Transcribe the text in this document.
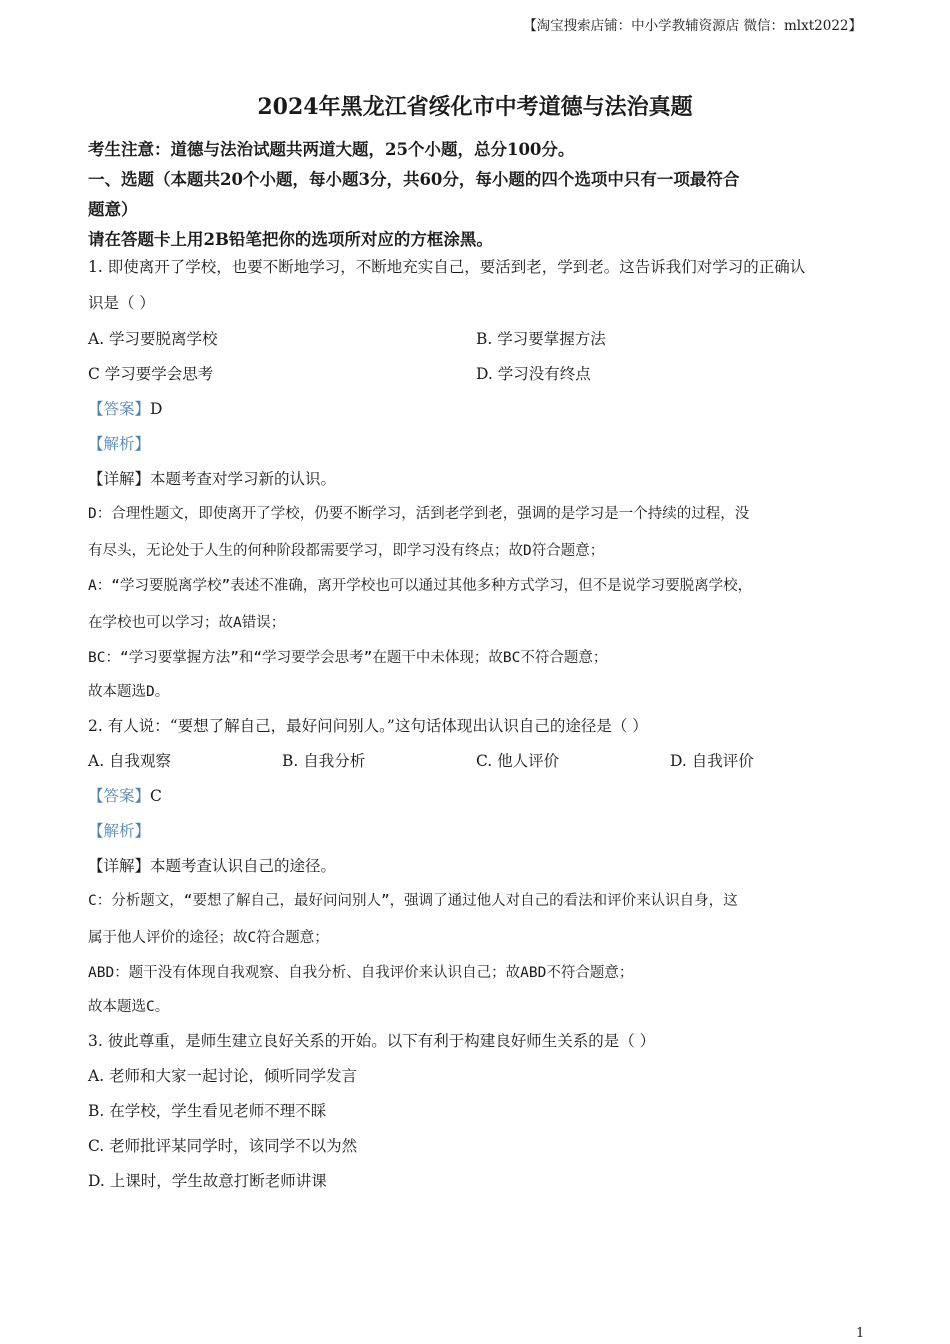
【淘宝搜索店铺：中小学教辅资源店 微信：mlxt2022】
2024年黑龙江省绥化市中考道德与法治真题
考生注意：道德与法治试题共两道大题，25个小题，总分100分。
一、选题（本题共20个小题，每小题3分，共60分，每小题的四个选项中只有一项最符合
题意）
请在答题卡上用2B铅笔把你的选项所对应的方框涂黑。
1. 即使离开了学校，也要不断地学习，不断地充实自己，要活到老，学到老。这告诉我们对学习的正确认
识是（ ）
A. 学习要脱离学校	B. 学习要掌握方法
C 学习要学会思考	D. 学习没有终点
【答案】D
【解析】
【详解】本题考查对学习新的认识。
D：合理性题文，即使离开了学校，仍要不断学习，活到老学到老，强调的是学习是一个持续的过程，没
有尽头，无论处于人生的何种阶段都需要学习，即学习没有终点；故D符合题意；
A：“学习要脱离学校”表述不准确，离开学校也可以通过其他多种方式学习，但不是说学习要脱离学校，
在学校也可以学习；故A错误；
BC：“学习要掌握方法”和“学习要学会思考”在题干中未体现；故BC不符合题意；
故本题选D。
2. 有人说：“要想了解自己，最好问问别人。”这句话体现出认识自己的途径是（ ）
A. 自我观察	B. 自我分析	C. 他人评价	D. 自我评价
【答案】C
【解析】
【详解】本题考查认识自己的途径。
C：分析题文，“要想了解自己，最好问问别人”，强调了通过他人对自己的看法和评价来认识自身，这
属于他人评价的途径；故C符合题意；
ABD：题干没有体现自我观察、自我分析、自我评价来认识自己；故ABD不符合题意；
故本题选C。
3. 彼此尊重，是师生建立良好关系的开始。以下有利于构建良好师生关系的是（ ）
A. 老师和大家一起讨论，倾听同学发言
B. 在学校，学生看见老师不理不睬
C. 老师批评某同学时，该同学不以为然
D. 上课时，学生故意打断老师讲课
1
